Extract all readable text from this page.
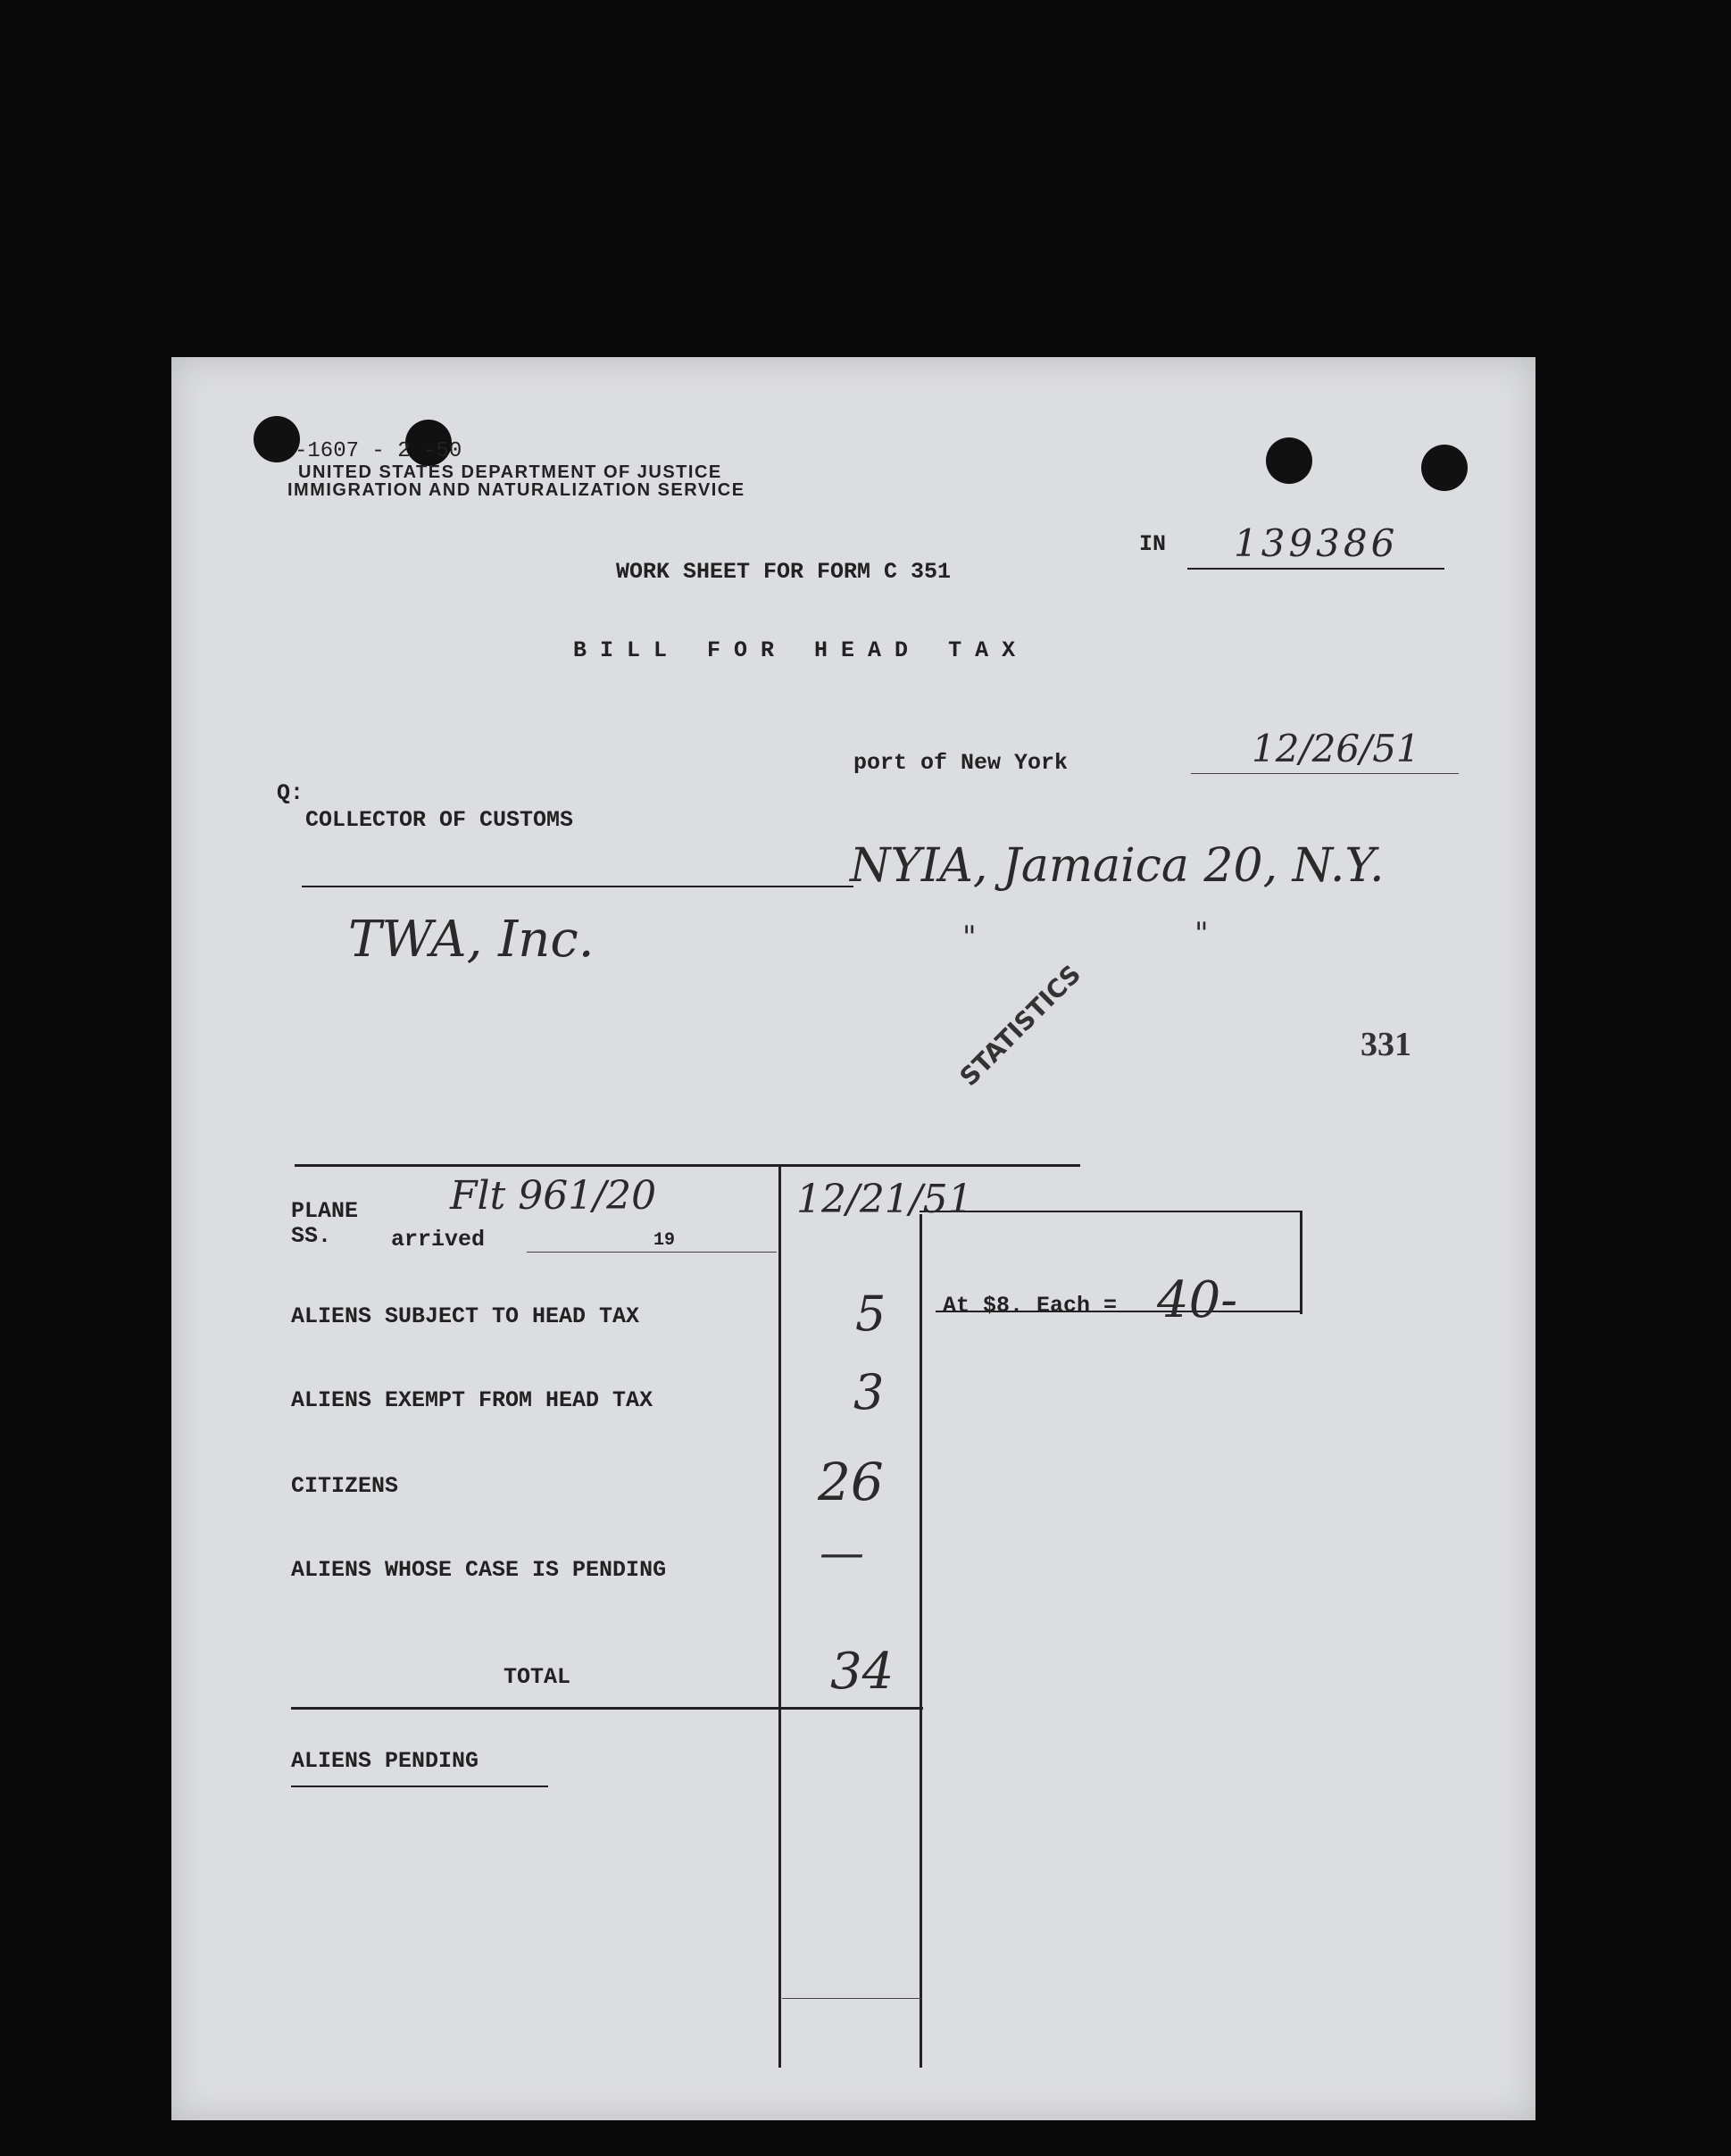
-1607 - 2 -50
UNITED STATES DEPARTMENT OF JUSTICE
IMMIGRATION AND NATURALIZATION SERVICE
IN 139386
WORK SHEET FOR FORM C 351
B I L L   F O R   H E A D   T A X
port of New York	12/26/51
Q:
COLLECTOR OF CUSTOMS
NYIA, Jamaica 20, N.Y.
TWA, Inc.	"	"
STATISTICS	331
PLANE
SS.	arrived	19
Flt 961/20	12/21/51
ALIENS SUBJECT TO HEAD TAX	5	At $8. Each = 40-
ALIENS EXEMPT FROM HEAD TAX	3
CITIZENS	26
ALIENS WHOSE CASE IS PENDING	—
TOTAL	34
ALIENS PENDING
